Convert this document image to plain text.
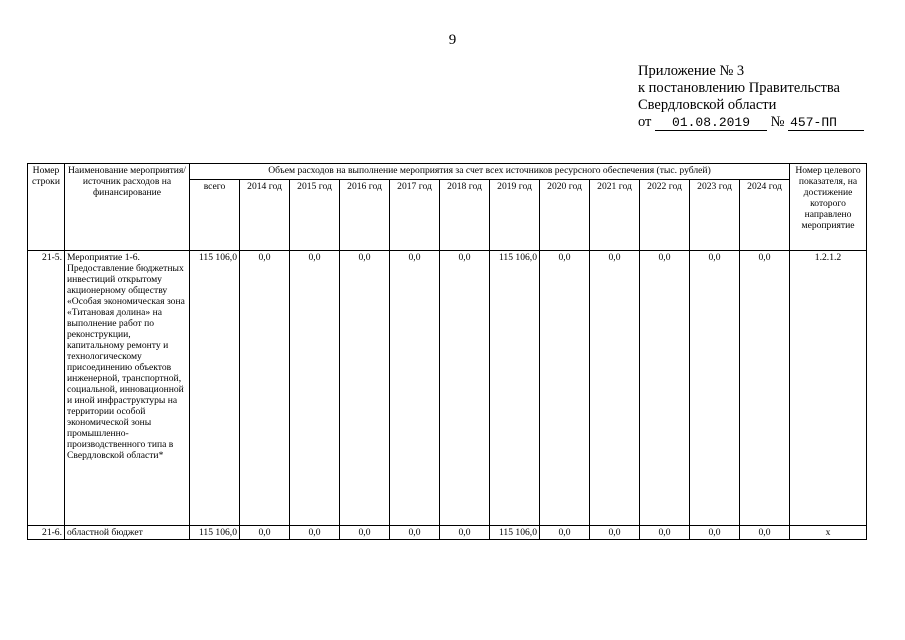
9
Приложение № 3
к постановлению Правительства
Свердловской области
от 01.08.2019 № 457-ПП
Номер строки	Наименование мероприятия/источник расходов на финансирование	Объем расходов на выполнение мероприятия за счет всех источников ресурсного обеспечения (тыс. рублей)												Номер целевого показателя, на достижение которого направлено мероприятие
		всего	2014 год	2015 год	2016 год	2017 год	2018 год	2019 год	2020 год	2021 год	2022 год	2023 год	2024 год	
21-5.	Мероприятие 1-6. Предоставление бюджетных инвестиций открытому акционерному обществу «Особая экономическая зона «Титановая долина» на выполнение работ по реконструкции, капитальному ремонту и технологическому присоединению объектов инженерной, транспортной, социальной, инновационной и иной инфраструктуры на территории особой экономической зоны промышленно-производственного типа в Свердловской области*	115 106,0	0,0	0,0	0,0	0,0	0,0	115 106,0	0,0	0,0	0,0	0,0	0,0	1.2.1.2
21-6.	областной бюджет	115 106,0	0,0	0,0	0,0	0,0	0,0	115 106,0	0,0	0,0	0,0	0,0	0,0	х
